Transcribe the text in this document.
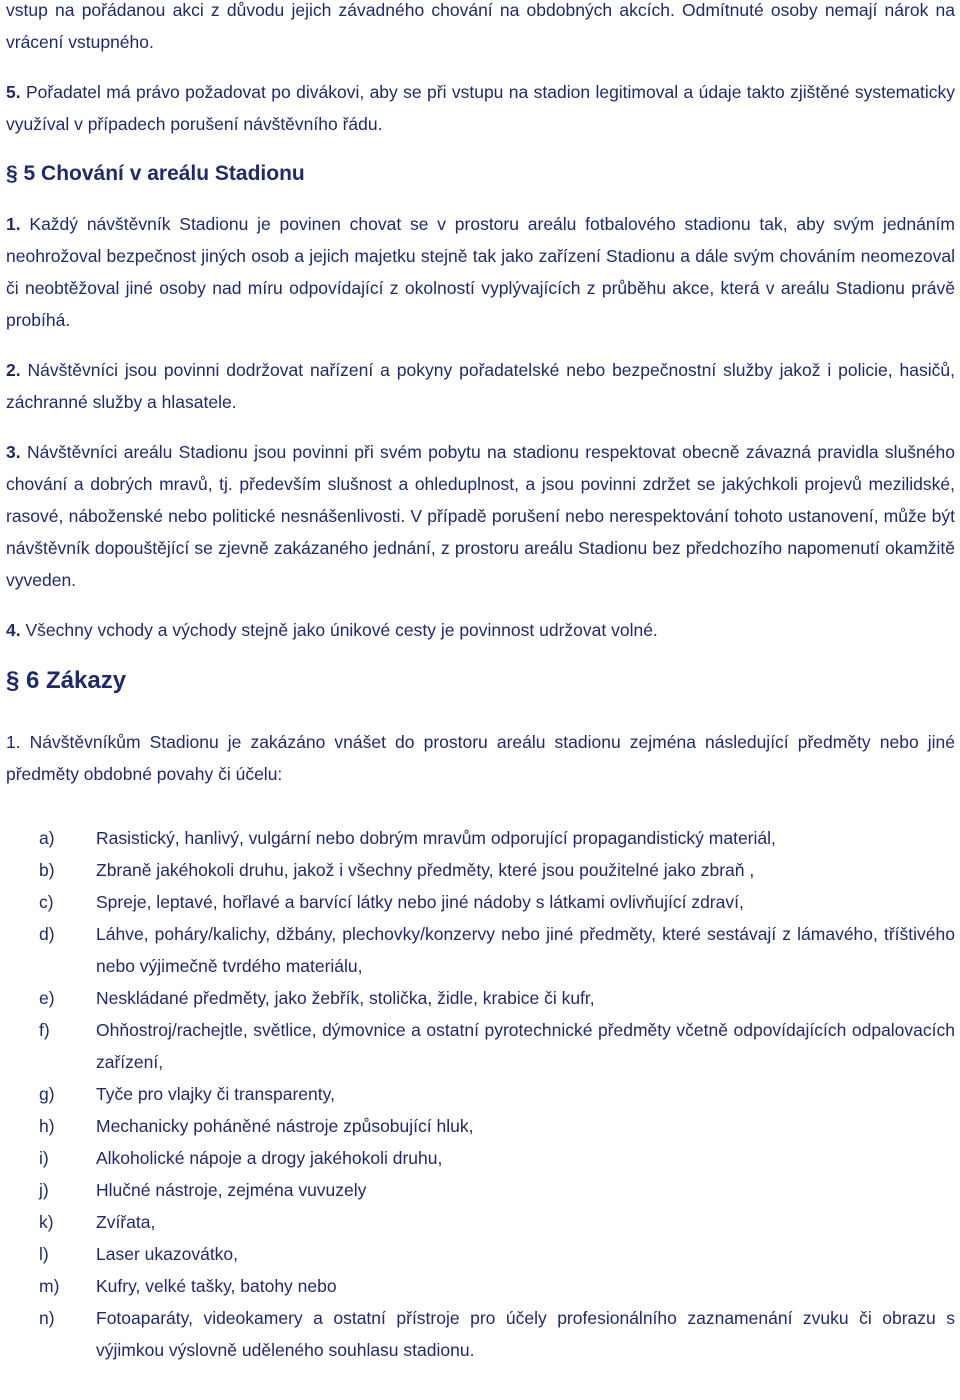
vstup na pořádanou akci z důvodu jejich závadného chování na obdobných akcích. Odmítnuté osoby nemají nárok na vrácení vstupného.

5. Pořadatel má právo požadovat po divákovi, aby se při vstupu na stadion legitimoval a údaje takto zjištěné systematicky využíval v případech porušení návštěvního řádu.

§ 5 Chování v areálu Stadionu

1. Každý návštěvník Stadionu je povinen chovat se v prostoru areálu fotbalového stadionu tak, aby svým jednáním neohrožoval bezpečnost jiných osob a jejich majetku stejně tak jako zařízení Stadionu a dále svým chováním neomezoval či neobtěžoval jiné osoby nad míru odpovídající z okolností vyplývajících z průběhu akce, která v areálu Stadionu právě probíhá.

2. Návštěvníci jsou povinni dodržovat nařízení a pokyny pořadatelské nebo bezpečnostní služby jakož i policie, hasičů, záchranné služby a hlasatele.

3. Návštěvníci areálu Stadionu jsou povinni při svém pobytu na stadionu respektovat obecně závazná pravidla slušného chování a dobrých mravů, tj. především slušnost a ohleduplnost, a jsou povinni zdržet se jakýchkoli projevů mezilidské, rasové, náboženské nebo politické nesnášenlivosti. V případě porušení nebo nerespektování tohoto ustanovení, může být návštěvník dopouštějící se zjevně zakázaného jednání, z prostoru areálu Stadionu bez předchozího napomenutí okamžitě vyveden.

4. Všechny vchody a východy stejně jako únikové cesty je povinnost udržovat volné.

§ 6 Zákazy

1. Návštěvníkům Stadionu je zakázáno vnášet do prostoru areálu stadionu zejména následující předměty nebo jiné předměty obdobné povahy či účelu:

a)	Rasistický, hanlivý, vulgární nebo dobrým mravům odporující propagandistický materiál,
b)	Zbraně jakéhokoli druhu, jakož i všechny předměty, které jsou použitelné jako zbraň ,
c)	Spreje, leptavé, hořlavé a barvící látky nebo jiné nádoby s látkami ovlivňující zdraví,
d)	Láhve, poháry/kalichy, džbány, plechovky/konzervy nebo jiné předměty, které sestávají z lámavého, tříštivého nebo výjimečně tvrdého materiálu,
e)	Neskládané předměty, jako žebřík, stolička, židle, krabice či kufr,
f)	Ohňostroj/rachejtle, světlice, dýmovnice a ostatní pyrotechnické předměty včetně odpovídajících odpalovacích zařízení,
g)	Tyče pro vlajky či transparenty,
h)	Mechanicky poháněné nástroje způsobující hluk,
i)	Alkoholické nápoje a drogy jakéhokoli druhu,
j)	Hlučné nástroje, zejména vuvuzely
k)	Zvířata,
l)	Laser ukazovátko,
m)	Kufry, velké tašky, batohy nebo
n)	Fotoaparáty, videokamery a ostatní přístroje pro účely profesionálního zaznamenání zvuku či obrazu s výjimkou výslovně uděleného souhlasu stadionu.
